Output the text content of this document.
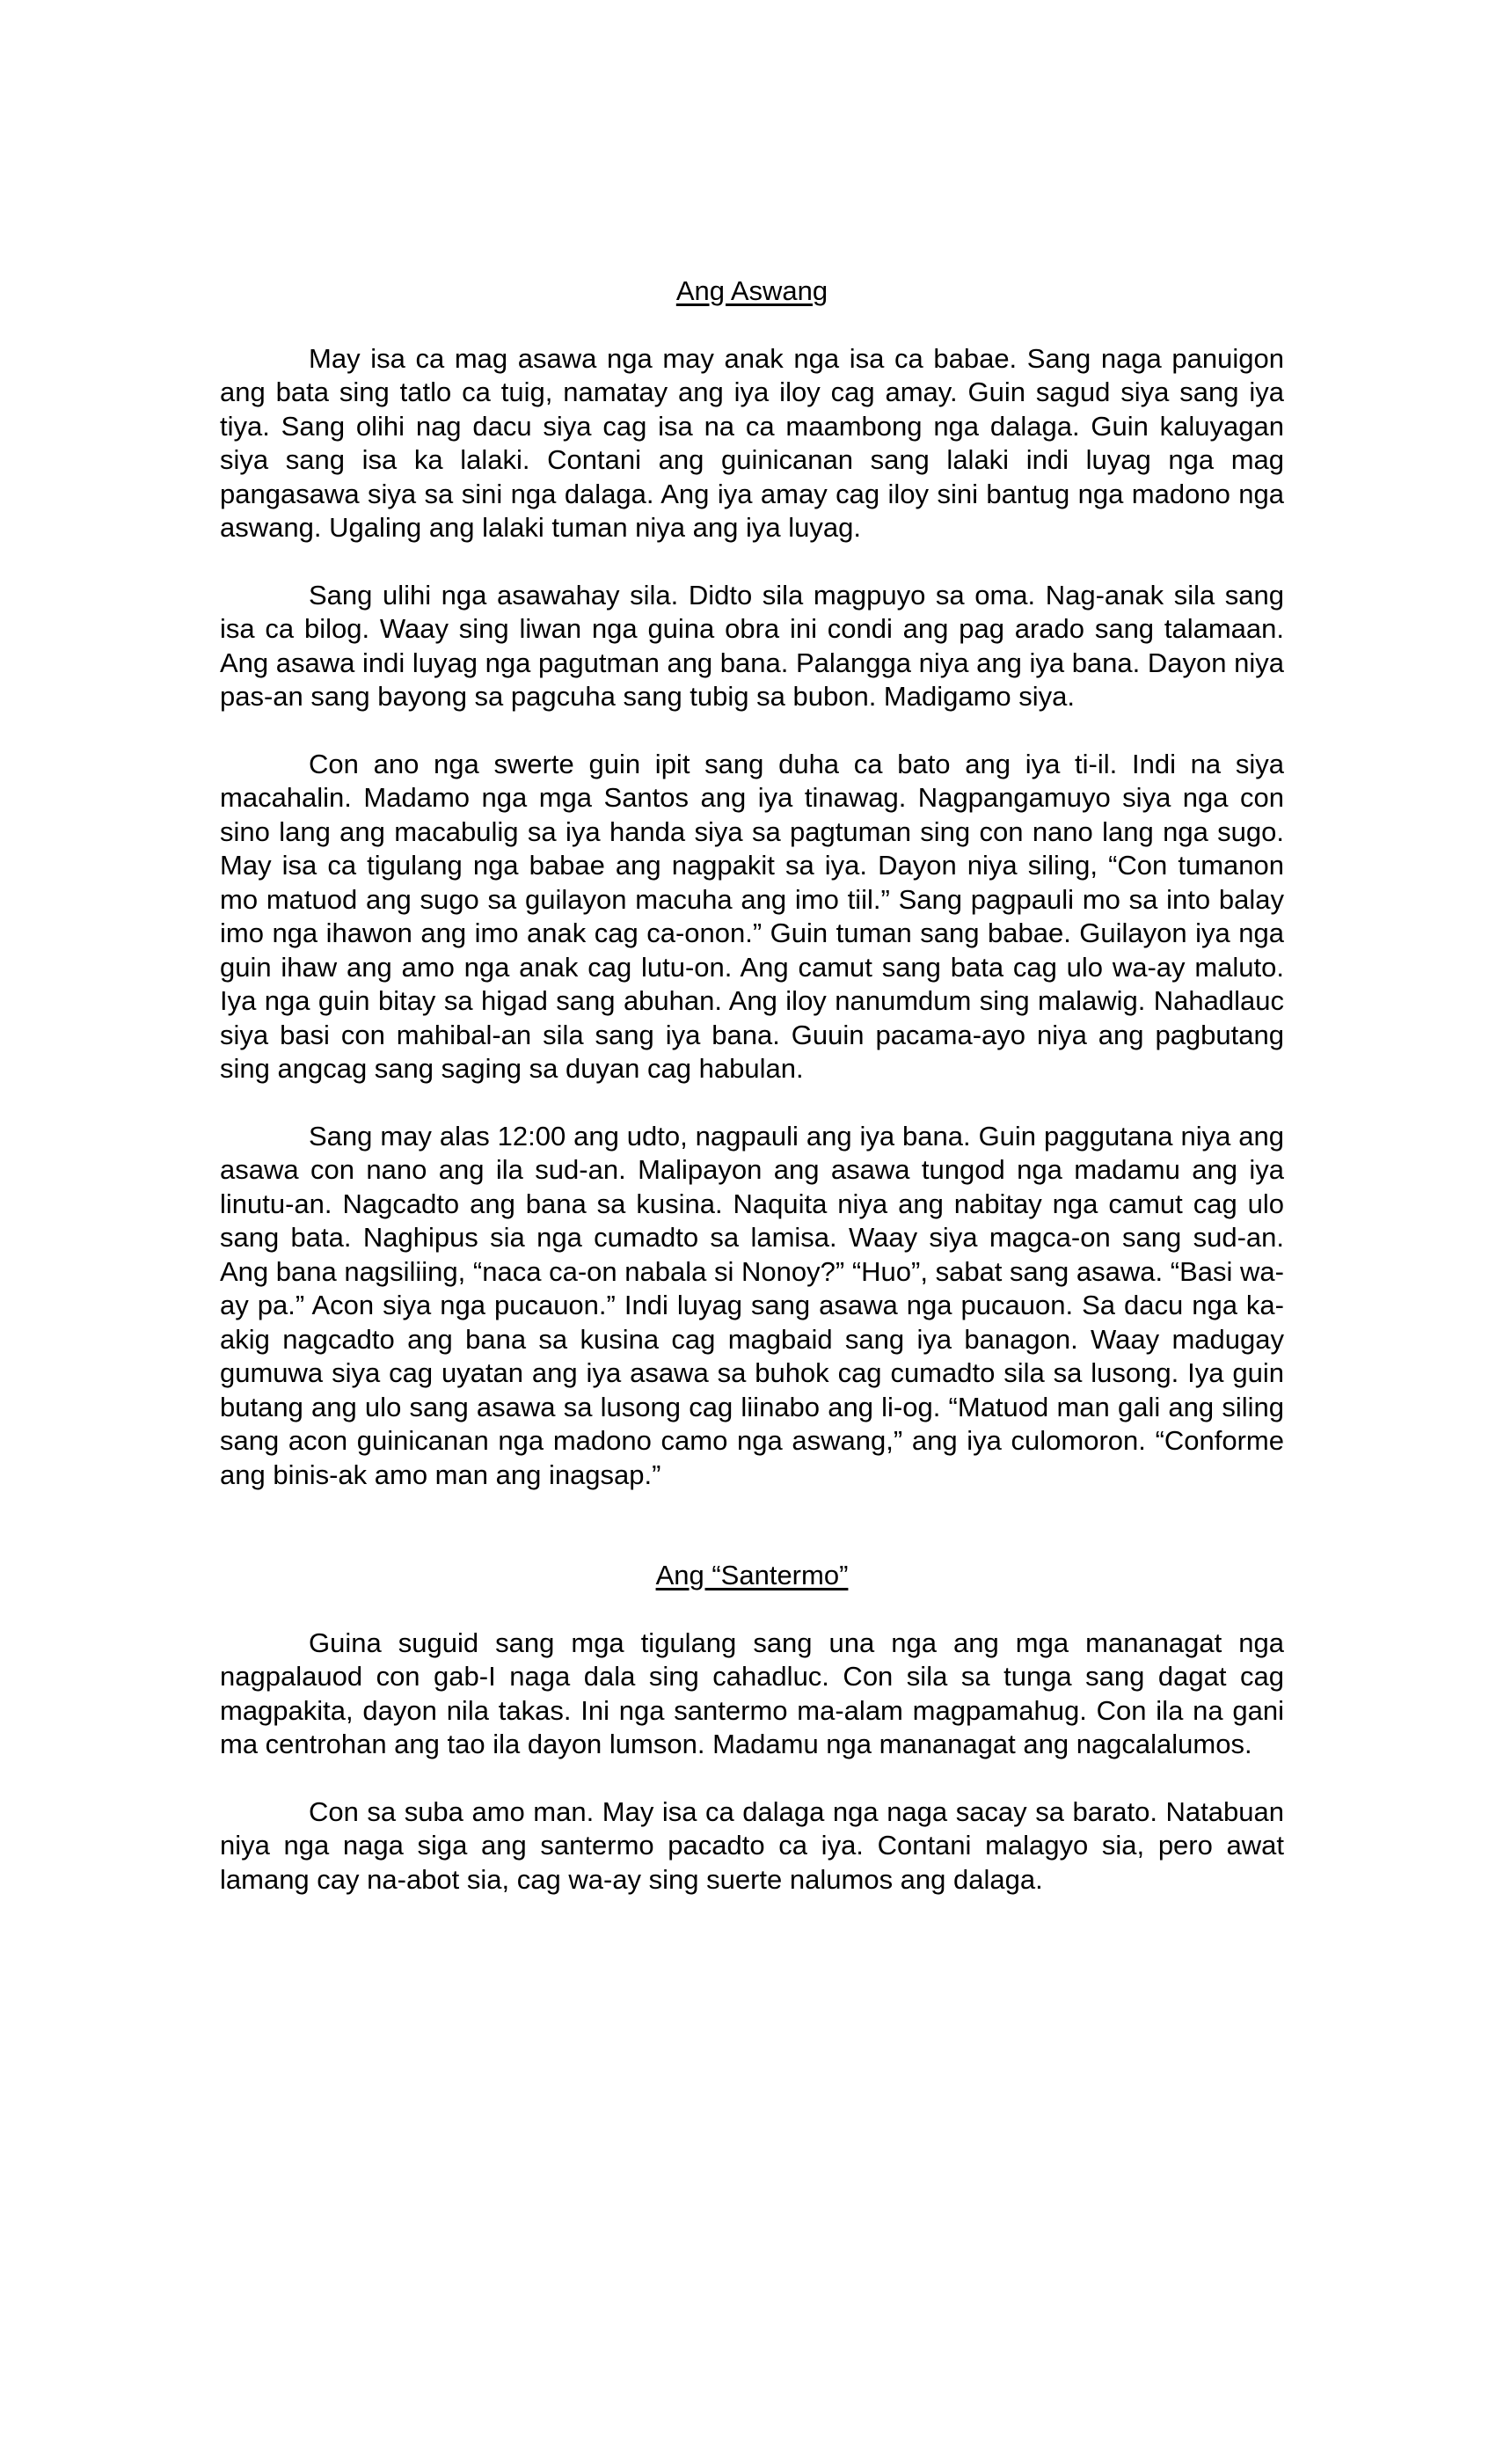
Ang Aswang

May isa ca mag asawa nga may anak nga isa ca babae. Sang naga panuigon ang bata sing tatlo ca tuig, namatay ang iya iloy cag amay. Guin sagud siya sang iya tiya. Sang olihi nag dacu siya cag isa na ca maambong nga dalaga. Guin kaluyagan siya sang isa ka lalaki. Contani ang guinicanan sang lalaki indi luyag nga mag pangasawa siya sa sini nga dalaga. Ang iya amay cag iloy sini bantug nga madono nga aswang. Ugaling ang lalaki tuman niya ang iya luyag.

Sang ulihi nga asawahay sila. Didto sila magpuyo sa oma. Nag-anak sila sang isa ca bilog. Waay sing liwan nga guina obra ini condi ang pag arado sang talamaan. Ang asawa indi luyag nga pagutman ang bana. Palangga niya ang iya bana. Dayon niya pas-an sang bayong sa pagcuha sang tubig sa bubon. Madigamo siya.

Con ano nga swerte guin ipit sang duha ca bato ang iya ti-il. Indi na siya macahalin. Madamo nga mga Santos ang iya tinawag. Nagpangamuyo siya nga con sino lang ang macabulig sa iya handa siya sa pagtuman sing con nano lang nga sugo. May isa ca tigulang nga babae ang nagpakit sa iya. Dayon niya siling, “Con tumanon mo matuod ang sugo sa guilayon macuha ang imo tiil.” Sang pagpauli mo sa into balay imo nga ihawon ang imo anak cag ca-onon.” Guin tuman sang babae. Guilayon iya nga guin ihaw ang amo nga anak cag lutu-on. Ang camut sang bata cag ulo wa-ay maluto. Iya nga guin bitay sa higad sang abuhan. Ang iloy nanumdum sing malawig. Nahadlauc siya basi con mahibal-an sila sang iya bana. Guuin pacama-ayo niya ang pagbutang sing angcag sang saging sa duyan cag habulan.

Sang may alas 12:00 ang udto, nagpauli ang iya bana. Guin paggutana niya ang asawa con nano ang ila sud-an. Malipayon ang asawa tungod nga madamu ang iya linutu-an. Nagcadto ang bana sa kusina. Naquita niya ang nabitay nga camut cag ulo sang bata. Naghipus sia nga cumadto sa lamisa. Waay siya magca-on sang sud-an. Ang bana nagsiliing, “naca ca-on nabala si Nonoy?” “Huo”, sabat sang asawa. “Basi wa-ay pa.” Acon siya nga pucauon.” Indi luyag sang asawa nga pucauon. Sa dacu nga ka-akig nagcadto ang bana sa kusina cag magbaid sang iya banagon. Waay madugay gumuwa siya cag uyatan ang iya asawa sa buhok cag cumadto sila sa lusong. Iya guin butang ang ulo sang asawa sa lusong cag liinabo ang li-og. “Matuod man gali ang siling sang acon guinicanan nga madono camo nga aswang,” ang iya culomoron. “Conforme ang binis-ak amo man ang inagsap.”

Ang “Santermo”

Guina suguid sang mga tigulang sang una nga ang mga mananagat nga nagpalauod con gab-I naga dala sing cahadluc. Con sila sa tunga sang dagat cag magpakita, dayon nila takas. Ini nga santermo ma-alam magpamahug. Con ila na gani ma centrohan ang tao ila dayon lumson. Madamu nga mananagat ang nagcalalumos.

Con sa suba amo man. May isa ca dalaga nga naga sacay sa barato. Natabuan niya nga naga siga ang santermo pacadto ca iya. Contani malagyo sia, pero awat lamang cay na-abot sia, cag wa-ay sing suerte nalumos ang dalaga.
